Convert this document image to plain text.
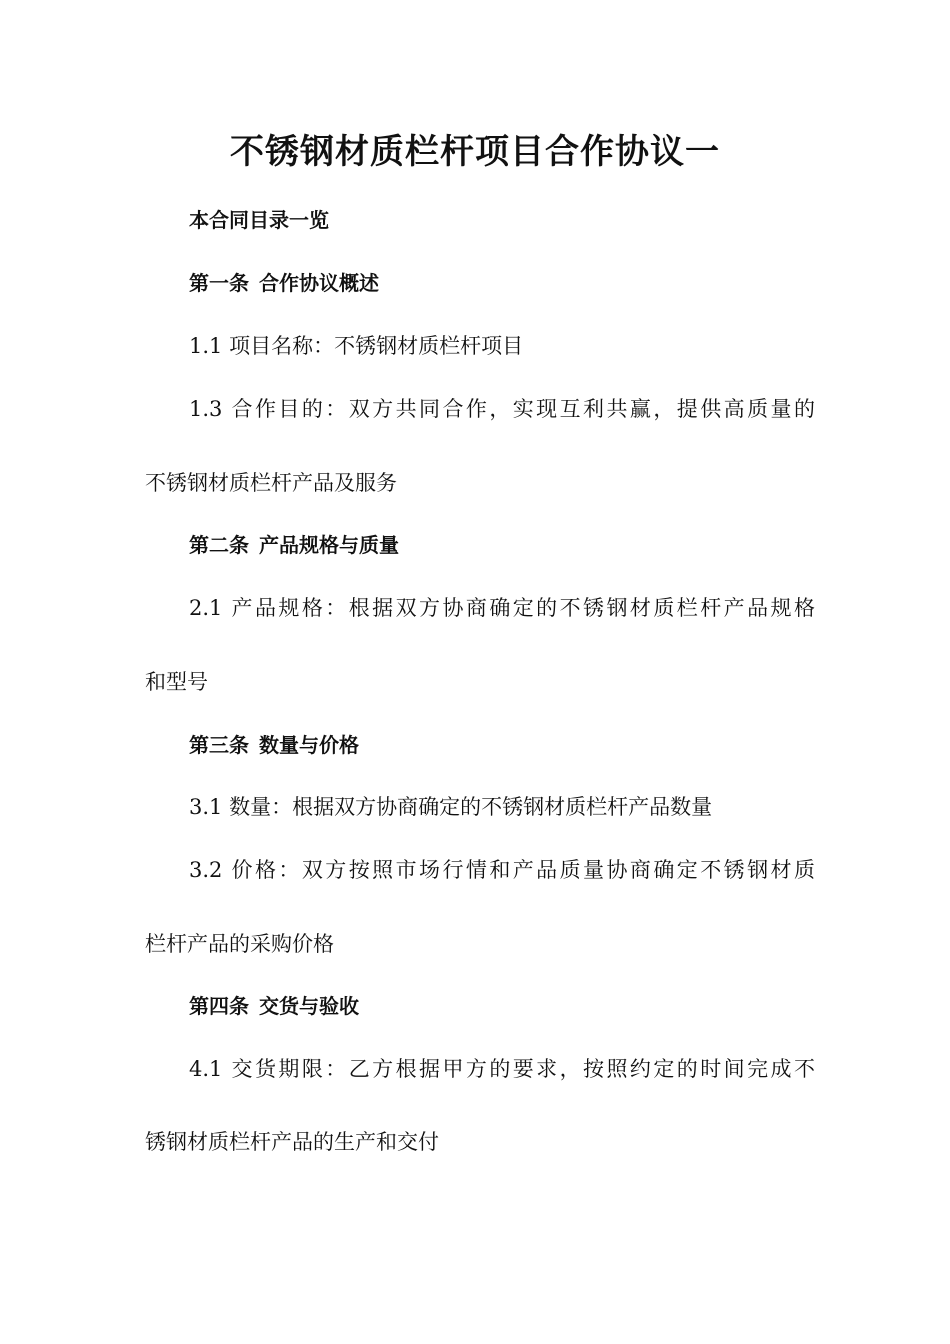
不锈钢材质栏杆项目合作协议一

本合同目录一览

第一条 合作协议概述

1.1 项目名称：不锈钢材质栏杆项目

1.3 合作目的：双方共同合作，实现互利共赢，提供高质量的

不锈钢材质栏杆产品及服务

第二条 产品规格与质量

2.1 产品规格：根据双方协商确定的不锈钢材质栏杆产品规格

和型号

第三条 数量与价格

3.1 数量：根据双方协商确定的不锈钢材质栏杆产品数量

3.2 价格：双方按照市场行情和产品质量协商确定不锈钢材质

栏杆产品的采购价格

第四条 交货与验收

4.1 交货期限：乙方根据甲方的要求，按照约定的时间完成不

锈钢材质栏杆产品的生产和交付
